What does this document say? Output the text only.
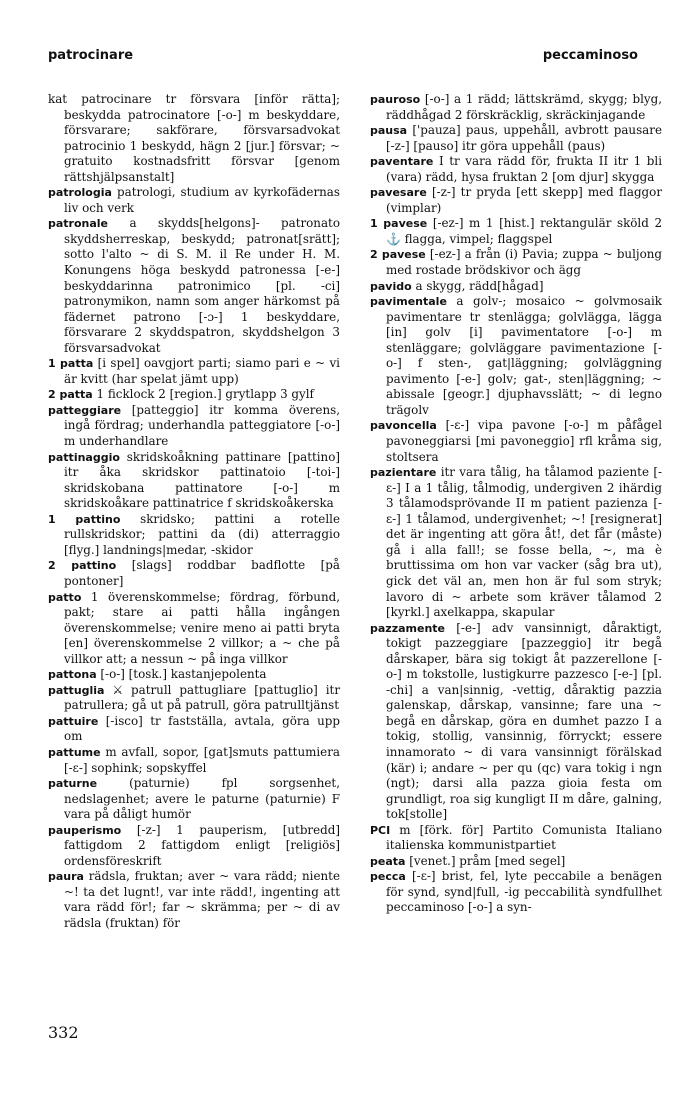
patrocinare	peccaminoso

kat patrocinare tr försvara [inför rätta]; beskydda patrocinatore [-o-] m beskyddare, försvarare; sakförare, försvarsadvokat patrocinio 1 beskydd, hägn 2 [jur.] försvar; ~ gratuito kostnadsfritt försvar [genom rättshjälpsanstalt]

patrologia patrologi, studium av kyrkofädernas liv och verk

patronale a skydds[helgons]- patronato skyddsherreskap, beskydd; patronat[srätt]; sotto l'alto ~ di S. M. il Re under H. M. Konungens höga beskydd patronessa [-e-] beskyddarinna patronimico [pl. -ci] patronymikon, namn som anger härkomst på fädernet patrono [-ɔ-] 1 beskyddare, försvarare 2 skyddspatron, skyddshelgon 3 försvarsadvokat

1 patta [i spel] oavgjort parti; siamo pari e ~ vi är kvitt (har spelat jämt upp)

2 patta 1 ficklock 2 [region.] grytlapp 3 gylf

patteggiare [patteggio] itr komma överens, ingå fördrag; underhandla patteggiatore [-o-] m underhandlare

pattinaggio skridskoåkning pattinare [pattino] itr åka skridskor pattinatoio [-toi-] skridskobana pattinatore [-o-] m skridskoåkare pattinatrice f skridskoåkerska

1 pattino skridsko; pattini a rotelle rullskridskor; pattini da (di) atterraggio [flyg.] landnings|medar, -skidor

2 pattino [slags] roddbar badflotte [på pontoner]

patto 1 överenskommelse; fördrag, förbund, pakt; stare ai patti hålla ingången överenskommelse; venire meno ai patti bryta [en] överenskommelse 2 villkor; a ~ che på villkor att; a nessun ~ på inga villkor

pattona [-o-] [tosk.] kastanjepolenta

pattuglia ⚔ patrull pattugliare [pattuglio] itr patrullera; gå ut på patrull, göra patrulltjänst

pattuire [-isco] tr fastställa, avtala, göra upp om

pattume m avfall, sopor, [gat]smuts pattumiera [-ɛ-] sophink; sopskyffel

paturne	(paturnie) fpl sorgsenhet, nedslagenhet; avere le paturne (paturnie) F vara på dåligt humör

pauperismo [-z-] 1 pauperism, [utbredd] fattigdom 2 fattigdom enligt [religiös] ordensföreskrift

paura rädsla, fruktan; aver ~ vara rädd; niente ~! ta det lugnt!, var inte rädd!, ingenting att vara rädd för!; far ~ skrämma; per ~ di av rädsla (fruktan) för

pauroso [-o-] a 1 rädd; lättskrämd, skygg; blyg, räddhågad 2 förskräcklig, skräckinjagande

pausa ['pauza] paus, uppehåll, avbrott pausare [-z-] [pauso] itr göra uppehåll (paus)

paventare I tr vara rädd för, frukta II itr 1 bli (vara) rädd, hysa fruktan 2 [om djur] skygga

pavesare [-z-] tr pryda [ett skepp] med flaggor (vimplar)

1 pavese [-ez-] m 1 [hist.] rektangulär sköld 2 ⚓ flagga, vimpel; flaggspel

2 pavese [-ez-] a från (i) Pavia; zuppa ~ buljong med rostade brödskivor och ägg

pavido a skygg, rädd[hågad]

pavimentale a golv-; mosaico ~ golvmosaik pavimentare tr stenlägga; golvlägga, lägga [in] golv [i] pavimentatore [-o-] m stenläggare; golvläggare pavimentazione [-o-] f sten-, gat|läggning; golvläggning pavimento [-e-] golv; gat-, sten|läggning; ~ abissale [geogr.] djuphavsslätt; ~ di legno trägolv

pavoncella [-ɛ-] vipa pavone [-o-] m påfågel pavoneggiarsi [mi pavoneggio] rfl kråma sig, stoltsera

pazientare itr vara tålig, ha tålamod paziente [-ɛ-] I a 1 tålig, tålmodig, undergiven 2 ihärdig 3 tålamodsprövande II m patient pazienza [-ɛ-] 1 tålamod, undergivenhet; ~! [resignerat] det är ingenting att göra åt!, det får (måste) gå i alla fall!; se fosse bella, ~, ma è bruttissima om hon var vacker (såg bra ut), gick det väl an, men hon är ful som stryk; lavoro di ~ arbete som kräver tålamod 2 [kyrkl.] axelkappa, skapular

pazzamente [-e-] adv vansinnigt, dåraktigt, tokigt pazzeggiare [pazzeggio] itr begå dårskaper, bära sig tokigt åt pazzerellone [-o-] m tokstolle, lustigkurre pazzesco [-e-] [pl. -chi] a van|sinnig, -vettig, dåraktig pazzia galenskap, dårskap, vansinne; fare una ~ begå en dårskap, göra en dumhet pazzo I a tokig, stollig, vansinnig, förryckt; essere innamorato ~ di vara vansinnigt förälskad (kär) i; andare ~ per qu (qc) vara tokig i ngn (ngt); darsi alla pazza gioia festa om grundligt, roa sig kungligt II m dåre, galning, tok[stolle]

PCI m [förk. för] Partito Comunista Italiano italienska kommunistpartiet

peata [venet.] pråm [med segel]

pecca [-ɛ-] brist, fel, lyte peccabile a benägen för synd, synd|full, -ig peccabilità syndfullhet peccaminoso [-o-] a syn-

332
